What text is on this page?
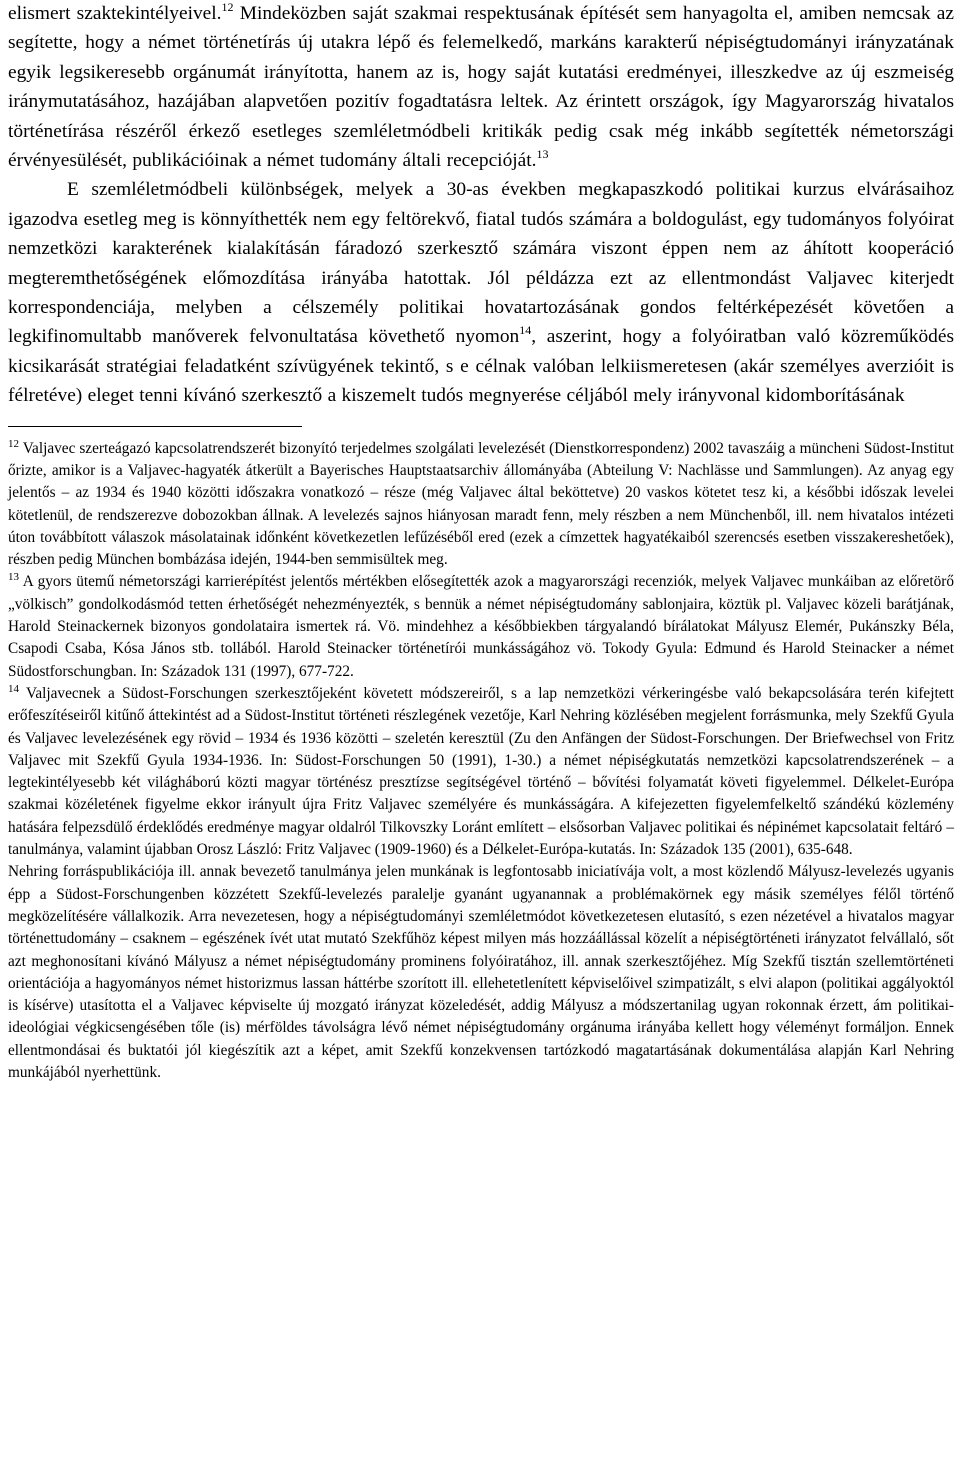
elismert szaktekintélyeivel.$^{12}$ Mindeközben saját szakmai respektusának építését sem hanyagolta el, amiben nemcsak az segítette, hogy a német történetírás új utakra lépő és felemelkedő, markáns karakterű népiségtudományi irányzatának egyik legsikeresebb orgánumát irányította, hanem az is, hogy saját kutatási eredményei, illeszkedve az új eszmeiség iránymutatásához, hazájában alapvetően pozitív fogadtatásra leltek. Az érintett országok, így Magyarország hivatalos történetírása részéről érkező esetleges szemléletmódbeli kritikák pedig csak még inkább segítették németországi érvényesülését, publikációinak a német tudomány általi recepcióját.$^{13}$

E szemléletmódbeli különbségek, melyek a 30-as években megkapaszkodó politikai kurzus elvárásaihoz igazodva esetleg meg is könnyíthették nem egy feltörekvő, fiatal tudós számára a boldogulást, egy tudományos folyóirat nemzetközi karakterének kialakításán fáradozó szerkesztő számára viszont éppen nem az áhított kooperáció megteremthetőségének előmozdítása irányába hatottak. Jól példázza ezt az ellentmondást Valjavec kiterjedt korrespondenciája, melyben a célszemély politikai hovatartozásának gondos feltérképezését követően a legkifinomultabb manőverek felvonultatása követhető nyomon$^{14}$, aszerint, hogy a folyóiratban való közreműködés kicsikarását stratégiai feladatként szívügyének tekintő, s e célnak valóban lelkiismeretesen (akár személyes averzióit is félretéve) eleget tenni kívánó szerkesztő a kiszemelt tudós megnyerése céljából mely irányvonal kidomborításának

$^{12}$ Valjavec szerteágazó kapcsolatrendszerét bizonyító terjedelmes szolgálati levelezését (Dienstkorrespondenz) 2002 tavaszáig a müncheni Südost-Institut őrizte, amikor is a Valjavec-hagyaték átkerült a Bayerisches Hauptstaatsarchiv állományába (Abteilung V: Nachlässe und Sammlungen). Az anyag egy jelentős – az 1934 és 1940 közötti időszakra vonatkozó – része (még Valjavec által beköttetve) 20 vaskos kötetet tesz ki, a későbbi időszak levelei kötetlenül, de rendszerezve dobozokban állnak. A levelezés sajnos hiányosan maradt fenn, mely részben a nem Münchenből, ill. nem hivatalos intézeti úton továbbított válaszok másolatainak időnként következetlen lefűzéséből ered (ezek a címzettek hagyatékaiból szerencsés esetben visszakereshetőek), részben pedig München bombázása idején, 1944-ben semmisültek meg.

$^{13}$ A gyors ütemű németországi karrierépítést jelentős mértékben elősegítették azok a magyarországi recenziók, melyek Valjavec munkáiban az előretörő „völkisch” gondolkodásmód tetten érhetőségét nehezményezték, s bennük a német népiségtudomány sablonjaira, köztük pl. Valjavec közeli barátjának, Harold Steinackernek bizonyos gondolataira ismertek rá. Vö. mindehhez a későbbiekben tárgyalandó bírálatokat Mályusz Elemér, Pukánszky Béla, Csapodi Csaba, Kósa János stb. tollából. Harold Steinacker történetírói munkásságához vö. Tokody Gyula: Edmund és Harold Steinacker a német Südostforschungban. In: Századok 131 (1997), 677-722.

$^{14}$ Valjavecnek a Südost-Forschungen szerkesztőjeként követett módszereiről, s a lap nemzetközi vérkeringésbe való bekapcsolására terén kifejtett erőfeszítéseiről kitűnő áttekintést ad a Südost-Institut történeti részlegének vezetője, Karl Nehring közlésében megjelent forrásmunka, mely Szekfű Gyula és Valjavec levelezésének egy rövid – 1934 és 1936 közötti – szeletén keresztül (Zu den Anfängen der Südost-Forschungen. Der Briefwechsel von Fritz Valjavec mit Szekfű Gyula 1934-1936. In: Südost-Forschungen 50 (1991), 1-30.) a német népiségkutatás nemzetközi kapcsolatrendszerének – a legtekintélyesebb két világháború közti magyar történész presztízse segítségével történő – bővítési folyamatát követi figyelemmel. Délkelet-Európa szakmai közéletének figyelme ekkor irányult újra Fritz Valjavec személyére és munkásságára. A kifejezetten figyelemfelkeltő szándékú közlemény hatására felpezsdülő érdeklődés eredménye magyar oldalról Tilkovszky Loránt említett – elsősorban Valjavec politikai és népinémet kapcsolatait feltáró – tanulmánya, valamint újabban Orosz László: Fritz Valjavec (1909-1960) és a Délkelet-Európa-kutatás. In: Századok 135 (2001), 635-648.

Nehring forráspublikációja ill. annak bevezető tanulmánya jelen munkának is legfontosabb iniciatívája volt, a most közlendő Mályusz-levelezés ugyanis épp a Südost-Forschungenben közzétett Szekfű-levelezés paralelje gyanánt ugyanannak a problémakörnek egy másik személyes félől történő megközelítésére vállalkozik. Arra nevezetesen, hogy a népiségtudományi szemléletmódot következetesen elutasító, s ezen nézetével a hivatalos magyar történettudomány – csaknem – egészének ívét utat mutató Szekfűhöz képest milyen más hozzáállással közelít a népiségtörténeti irányzatot felvállaló, sőt azt meghonosítani kívánó Mályusz a német népiségtudomány prominens folyóiratához, ill. annak szerkesztőjéhez. Míg Szekfű tisztán szellemtörténeti orientációja a hagyományos német historizmus lassan háttérbe szorított ill. ellehetetlenített képviselőivel szimpatizált, s elvi alapon (politikai aggályoktól is kísérve) utasította el a Valjavec képviselte új mozgató irányzat közeledését, addig Mályusz a módszertanilag ugyan rokonnak érzett, ám politikai-ideológiai végkicsengésében tőle (is) mérföldes távolságra lévő német népiségtudomány orgánuma irányába kellett hogy véleményt formáljon. Ennek ellentmondásai és buktatói jól kiegészítik azt a képet, amit Szekfű konzekvensen tartózkodó magatartásának dokumentálása alapján Karl Nehring munkájából nyerhettünk.
